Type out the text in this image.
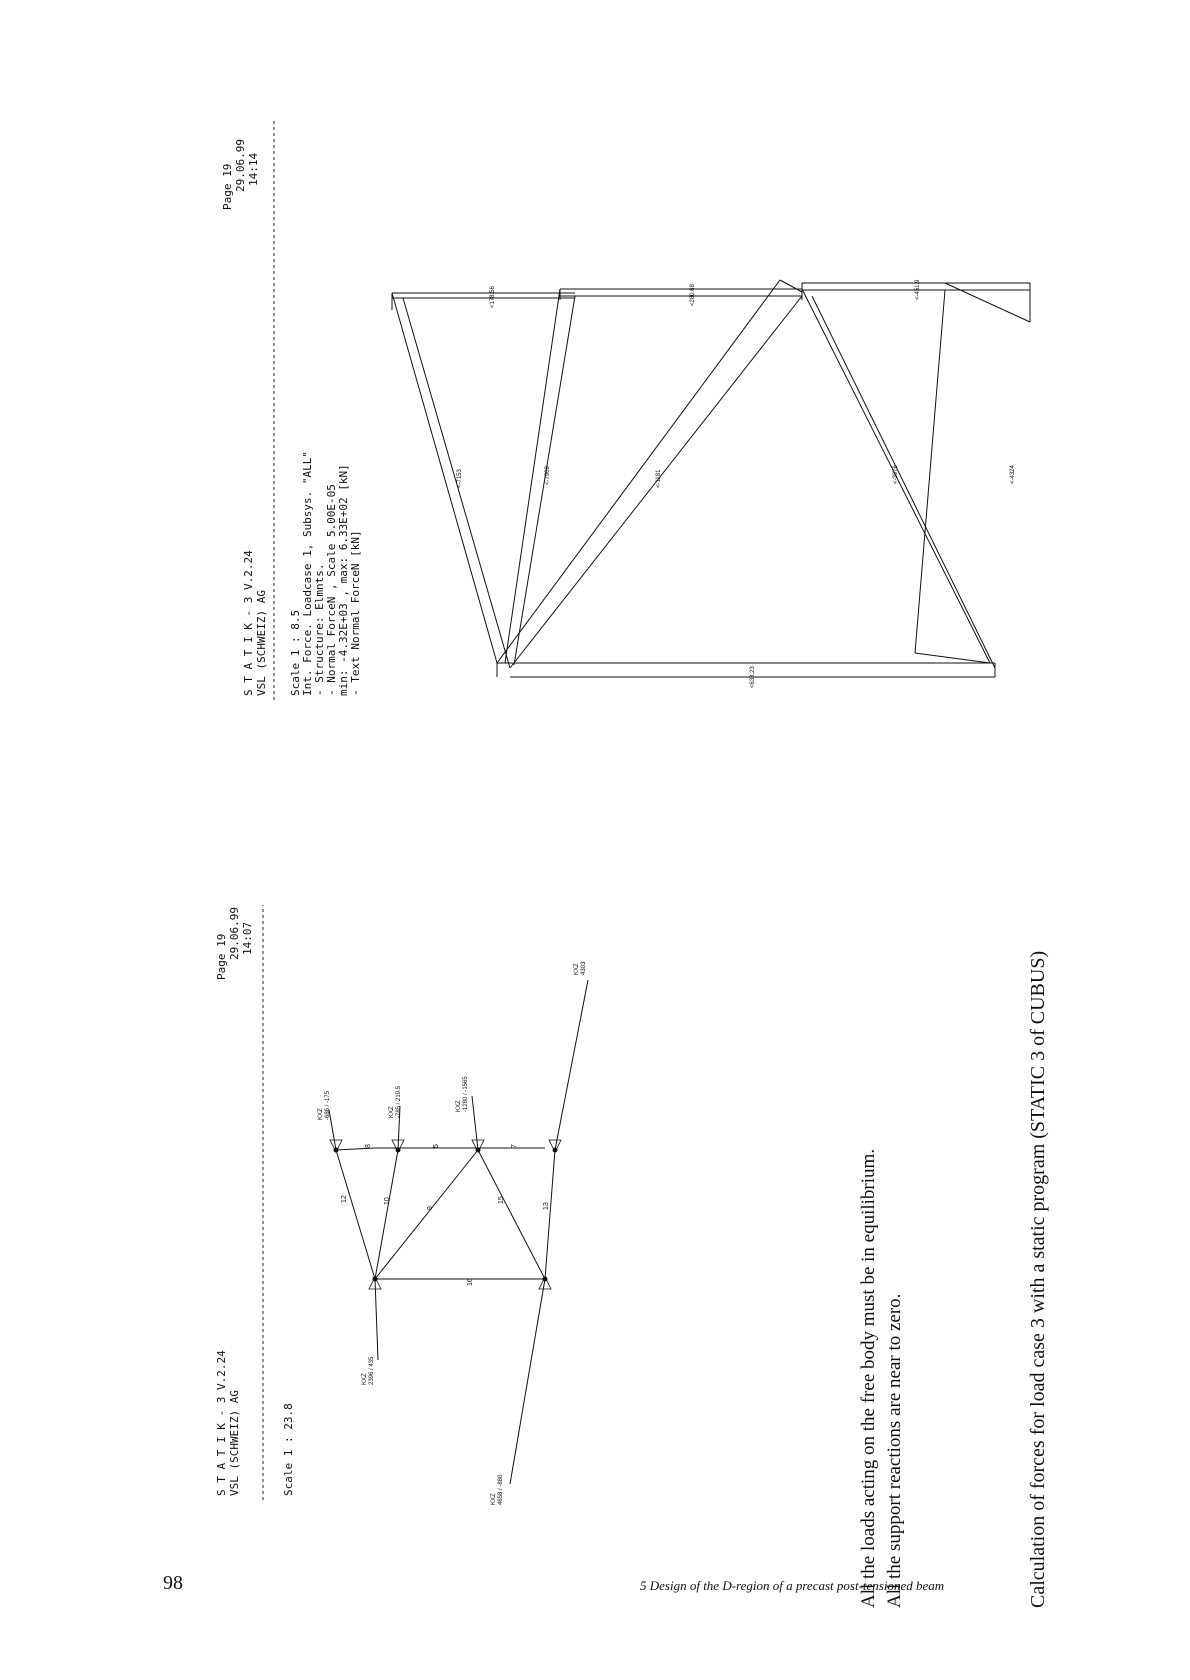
S T A T I K - 3 V.2.24 VSL (SCHWEIZ) AG
Page 19 29.06.99 14:07
Scale 1 : 23.8
12
8
10
5
9
15
7
13
16
KXZ
-686 / -175
KXZ
-785 / 219.5
KXZ
-1280 / -1565
KXZ
4303
KXZ
2396 / 435
KXZ
4658 / -880
S T A T I K - 3 V.2.24 VSL (SCHWEIZ) AG
Page 19 29.06.99 14:14
Scale 1 : 8.5 Int. Force. Loadcase 1, Subsys. "ALL" - Structure: Elmnts. - Normal ForceN , Scale 5.00E-05 min: -4.32E+03 , max: 6.33E+02 [kN] - Text Normal ForceN [kN]
<178.56	<280.68	<-451.9
<-7153	<-7969	<-1181	<-3976	<-4324
<633.23
All the loads acting on the free body must be in equilibrium. All the support reactions are near to zero.	Calculation of forces for load case 3 with a static program (STATIC 3 of CUBUS)
98	5 Design of the D-region of a precast post-tensioned beam
